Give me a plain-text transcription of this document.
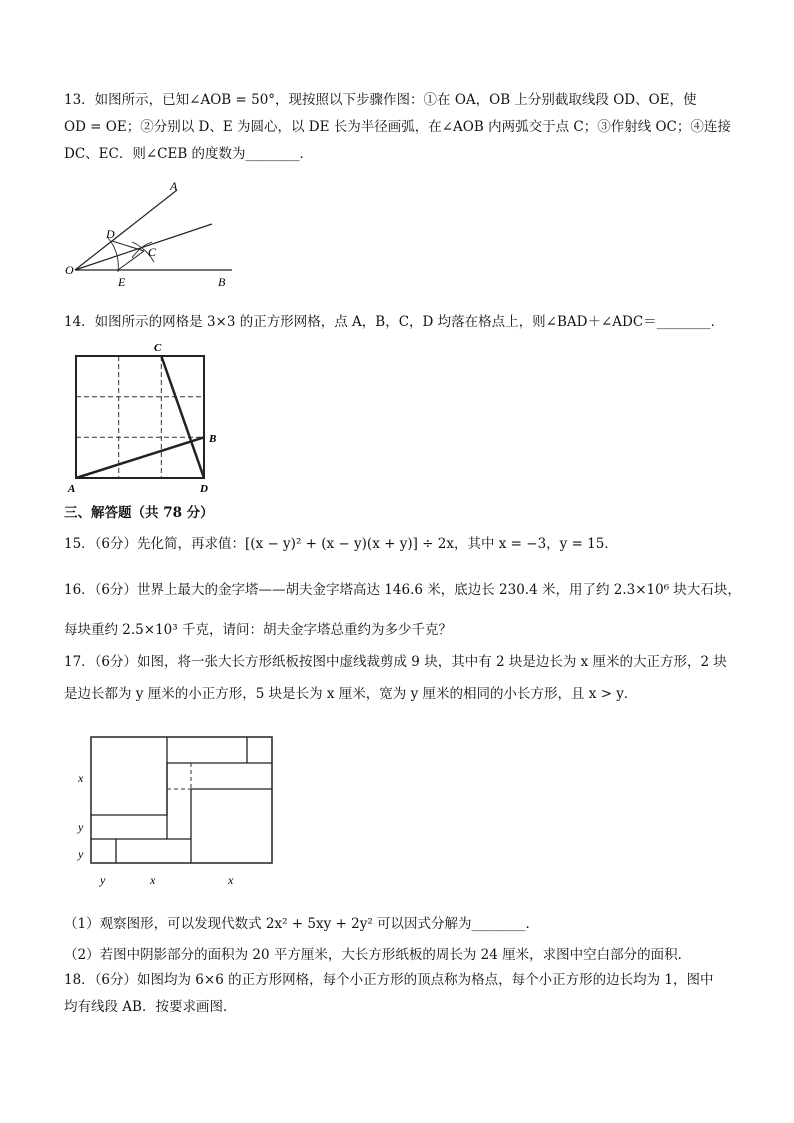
13．如图所示，已知∠AOB = 50°，现按照以下步骤作图：①在 OA，OB 上分别截取线段 OD、OE，使
OD = OE；②分别以 D、E 为圆心，以 DE 长为半径画弧，在∠AOB 内两弧交于点 C；③作射线 OC；④连接
DC、EC．则∠CEB 的度数为________．
A
D
C
O
E	B
14．如图所示的网格是 3×3 的正方形网格，点 A，B，C，D 均落在格点上，则∠BAD＋∠ADC＝________．
C
B
A	D
三、解答题（共 78 分）
15．（6分）先化简，再求值：[(x − y)² + (x − y)(x + y)] ÷ 2x，其中 x = −3，y = 15．
16．（6分）世界上最大的金字塔——胡夫金字塔高达 146.6 米，底边长 230.4 米，用了约 2.3×10⁶ 块大石块，
每块重约 2.5×10³ 千克，请问：胡夫金字塔总重约为多少千克？
17．（6分）如图，将一张大长方形纸板按图中虚线裁剪成 9 块，其中有 2 块是边长为 x 厘米的大正方形，2 块
是边长都为 y 厘米的小正方形，5 块是长为 x 厘米，宽为 y 厘米的相同的小长方形，且 x > y．
x
y
y
y	x	x
（1）观察图形，可以发现代数式 2x² + 5xy + 2y² 可以因式分解为________．
（2）若图中阴影部分的面积为 20 平方厘米，大长方形纸板的周长为 24 厘米，求图中空白部分的面积．
18．（6分）如图均为 6×6 的正方形网格，每个小正方形的顶点称为格点，每个小正方形的边长均为 1，图中
均有线段 AB．按要求画图．
